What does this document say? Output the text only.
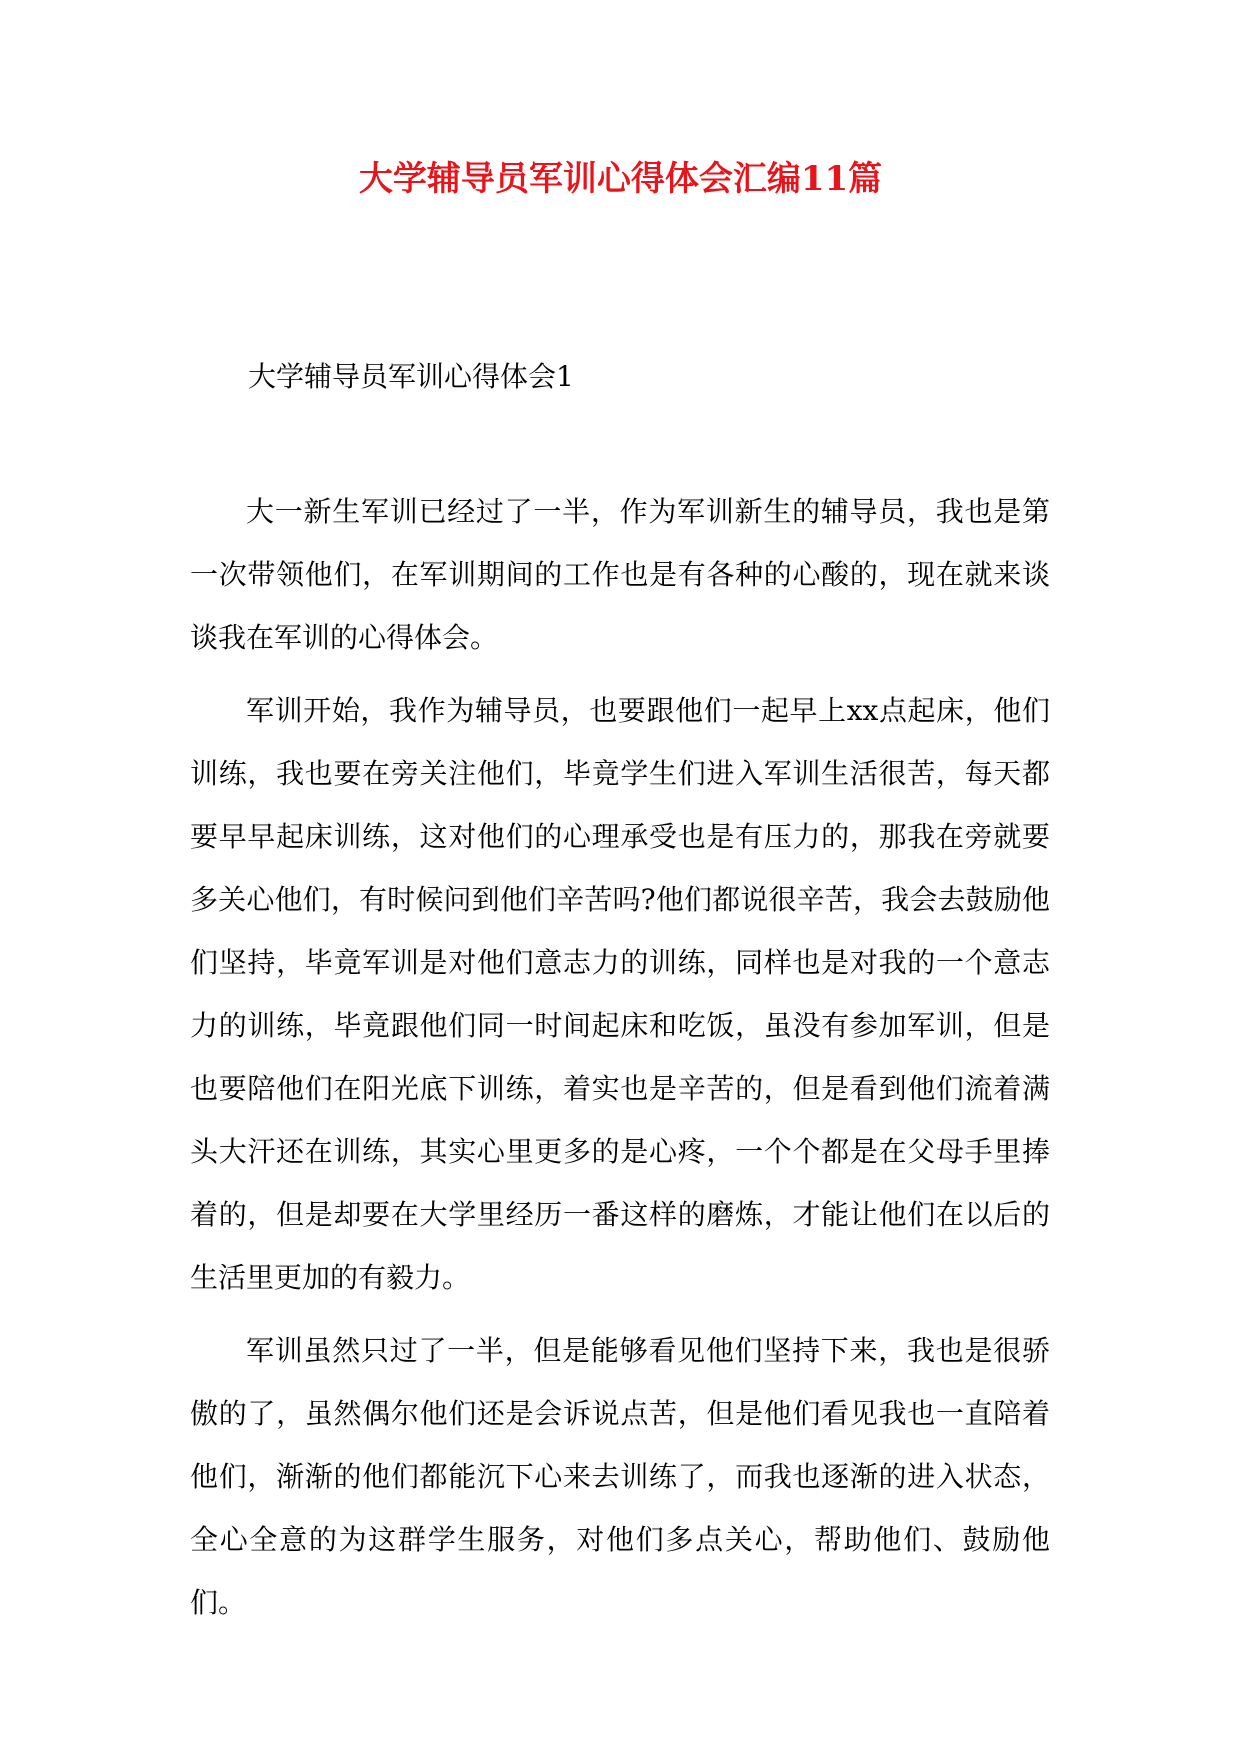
大学辅导员军训心得体会汇编11篇
大学辅导员军训心得体会1

大一新生军训已经过了一半，作为军训新生的辅导员，我也是第一次带领他们，在军训期间的工作也是有各种的心酸的，现在就来谈谈我在军训的心得体会。

军训开始，我作为辅导员，也要跟他们一起早上xx点起床，他们训练，我也要在旁关注他们，毕竟学生们进入军训生活很苦，每天都要早早起床训练，这对他们的心理承受也是有压力的，那我在旁就要多关心他们，有时候问到他们辛苦吗?他们都说很辛苦，我会去鼓励他们坚持，毕竟军训是对他们意志力的训练，同样也是对我的一个意志力的训练，毕竟跟他们同一时间起床和吃饭，虽没有参加军训，但是也要陪他们在阳光底下训练，着实也是辛苦的，但是看到他们流着满头大汗还在训练，其实心里更多的是心疼，一个个都是在父母手里捧着的，但是却要在大学里经历一番这样的磨炼，才能让他们在以后的生活里更加的有毅力。

军训虽然只过了一半，但是能够看见他们坚持下来，我也是很骄傲的了，虽然偶尔他们还是会诉说点苦，但是他们看见我也一直陪着他们，渐渐的他们都能沉下心来去训练了，而我也逐渐的进入状态，全心全意的为这群学生服务，对他们多点关心，帮助他们、鼓励他们。
